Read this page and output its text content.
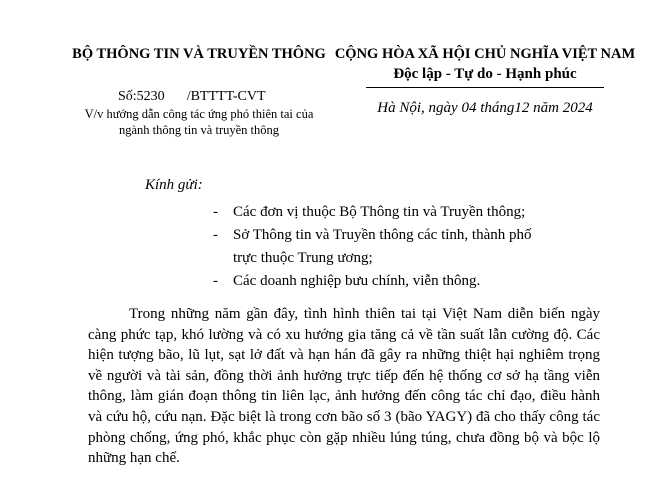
BỘ THÔNG TIN VÀ TRUYỀN THÔNG CỘNG HÒA XÃ HỘI CHỦ NGHĨA VIỆT NAM
Độc lập - Tự do - Hạnh phúc
Số:5230 /BTTTT-CVT
V/v hướng dẫn công tác ứng phó thiên tai của ngành thông tin và truyền thông
Hà Nội, ngày 04 tháng12 năm 2024
Kính gửi:
- Các đơn vị thuộc Bộ Thông tin và Truyền thông;
- Sở Thông tin và Truyền thông các tỉnh, thành phố
trực thuộc Trung ương;
- Các doanh nghiệp bưu chính, viễn thông.
Trong những năm gần đây, tình hình thiên tai tại Việt Nam diễn biến ngày càng phức tạp, khó lường và có xu hướng gia tăng cả về tần suất lẫn cường độ. Các hiện tượng bão, lũ lụt, sạt lở đất và hạn hán đã gây ra những thiệt hại nghiêm trọng về người và tài sản, đồng thời ảnh hưởng trực tiếp đến hệ thống cơ sở hạ tầng viễn thông, làm gián đoạn thông tin liên lạc, ảnh hưởng đến công tác chỉ đạo, điều hành và cứu hộ, cứu nạn. Đặc biệt là trong cơn bão số 3 (bão YAGY) đã cho thấy công tác phòng chống, ứng phó, khắc phục còn gặp nhiều lúng túng, chưa đồng bộ và bộc lộ những hạn chế.
